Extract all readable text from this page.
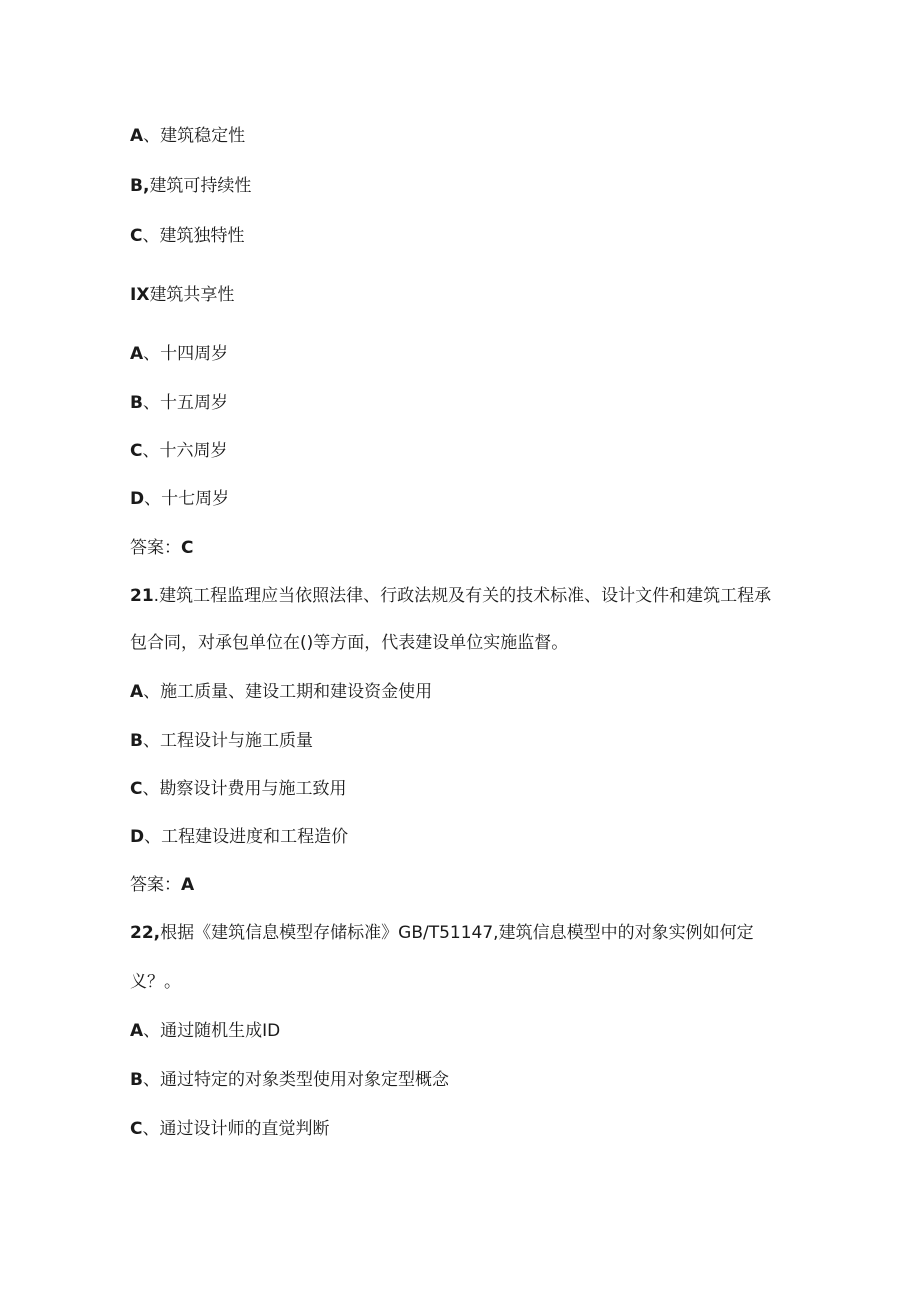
A、建筑稳定性
B,建筑可持续性
C、建筑独特性
IX建筑共享性
A、十四周岁
B、十五周岁
C、十六周岁
D、十七周岁
答案：C
21.建筑工程监理应当依照法律、行政法规及有关的技术标准、设计文件和建筑工程承
包合同，对承包单位在()等方面，代表建设单位实施监督。
A、施工质量、建设工期和建设资金使用
B、工程设计与施工质量
C、勘察设计费用与施工致用
D、工程建设进度和工程造价
答案：A
22,根据《建筑信息模型存储标准》GB/T51147,建筑信息模型中的对象实例如何定
义？。
A、通过随机生成ID
B、通过特定的对象类型使用对象定型概念
C、通过设计师的直觉判断
